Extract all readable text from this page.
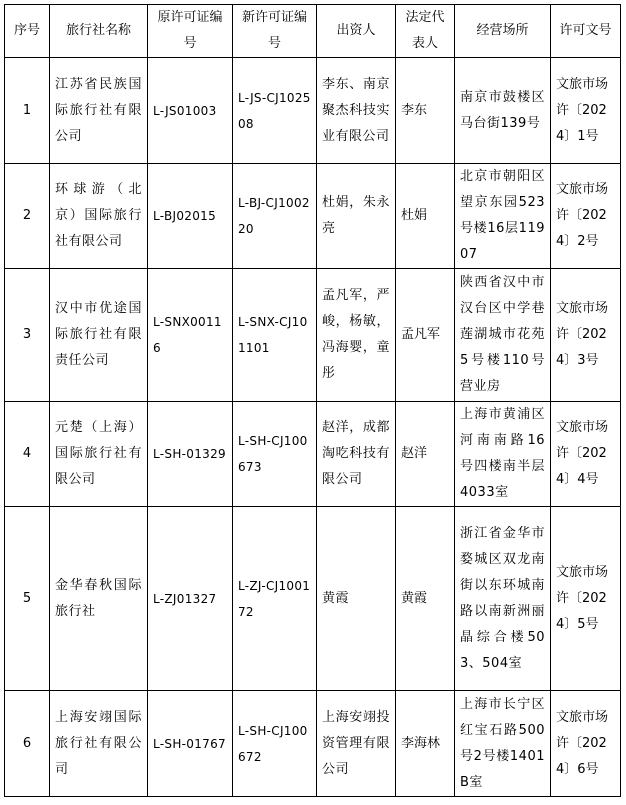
序号	旅行社名称	原许可证编号	新许可证编号	出资人	法定代表人	经营场所	许可文号
1	江苏省民族国际旅行社有限公司	L-JS01003	L-JS-CJ102508	李东、南京聚杰科技实业有限公司	李东	南京市鼓楼区马台街139号	文旅市场许〔2024〕1号
2	环球游（北京）国际旅行社有限公司	L-BJ02015	L-BJ-CJ100220	杜娟，朱永亮	杜娟	北京市朝阳区望京东园523号楼16层11907	文旅市场许〔2024〕2号
3	汉中市优途国际旅行社有限责任公司	L-SNX00116	L-SNX-CJ101101	孟凡军，严峻，杨敏，冯海婴，童彤	孟凡军	陕西省汉中市汉台区中学巷莲湖城市花苑5号楼110号营业房	文旅市场许〔2024〕3号
4	元楚（上海）国际旅行社有限公司	L-SH-01329	L-SH-CJ100673	赵洋，成都淘吃科技有限公司	赵洋	上海市黄浦区河南南路16号四楼南半层4033室	文旅市场许〔2024〕4号
5	金华春秋国际旅行社	L-ZJ01327	L-ZJ-CJ100172	黄霞	黄霞	浙江省金华市婺城区双龙南街以东环城南路以南新洲丽晶综合楼503、504室	文旅市场许〔2024〕5号
6	上海安翊国际旅行社有限公司	L-SH-01767	L-SH-CJ100672	上海安翊投资管理有限公司	李海林	上海市长宁区红宝石路500号2号楼1401B室	文旅市场许〔2024〕6号
